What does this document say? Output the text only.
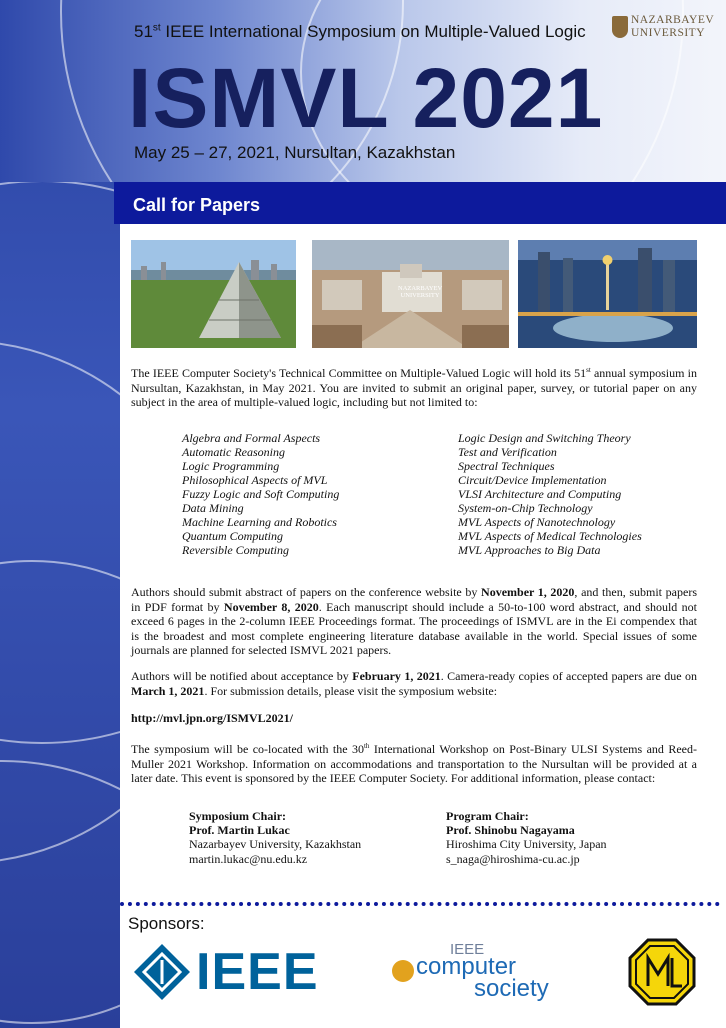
51st IEEE International Symposium on Multiple-Valued Logic
ISMVL 2021
May 25 – 27, 2021, Nursultan, Kazakhstan
NAZARBAYEV
UNIVERSITY
Call for Papers
NAZARBAYEV
UNIVERSITY
The IEEE Computer Society's Technical Committee on Multiple-Valued Logic will hold its 51st annual symposium in Nursultan, Kazakhstan, in May 2021. You are invited to submit an original paper, survey, or tutorial paper on any subject in the area of multiple-valued logic, including but not limited to:
Algebra and Formal Aspects
Automatic Reasoning
Logic Programming
Philosophical Aspects of MVL
Fuzzy Logic and Soft Computing
Data Mining
Machine Learning and Robotics
Quantum Computing
Reversible Computing
Logic Design and Switching Theory
Test and Verification
Spectral Techniques
Circuit/Device Implementation
VLSI Architecture and Computing
System-on-Chip Technology
MVL Aspects of Nanotechnology
MVL Aspects of Medical Technologies
MVL Approaches to Big Data
Authors should submit abstract of papers on the conference website by November 1, 2020, and then, submit papers in PDF format by November 8, 2020. Each manuscript should include a 50-to-100 word abstract, and should not exceed 6 pages in the 2-column IEEE Proceedings format. The proceedings of ISMVL are in the Ei compendex that is the broadest and most complete engineering literature database available in the world. Special issues of some journals are planned for selected ISMVL 2021 papers.
Authors will be notified about acceptance by February 1, 2021. Camera-ready copies of accepted papers are due on March 1, 2021. For submission details, please visit the symposium website:
http://mvl.jpn.org/ISMVL2021/
The symposium will be co-located with the 30th International Workshop on Post-Binary ULSI Systems and Reed-Muller 2021 Workshop. Information on accommodations and transportation to the Nursultan will be provided at a later date. This event is sponsored by the IEEE Computer Society. For additional information, please contact:
Symposium Chair:
Prof. Martin Lukac
Nazarbayev University, Kazakhstan
martin.lukac@nu.edu.kz
Program Chair:
Prof. Shinobu Nagayama
Hiroshima City University, Japan
s_naga@hiroshima-cu.ac.jp
Sponsors:
IEEE	IEEE
computer
society
